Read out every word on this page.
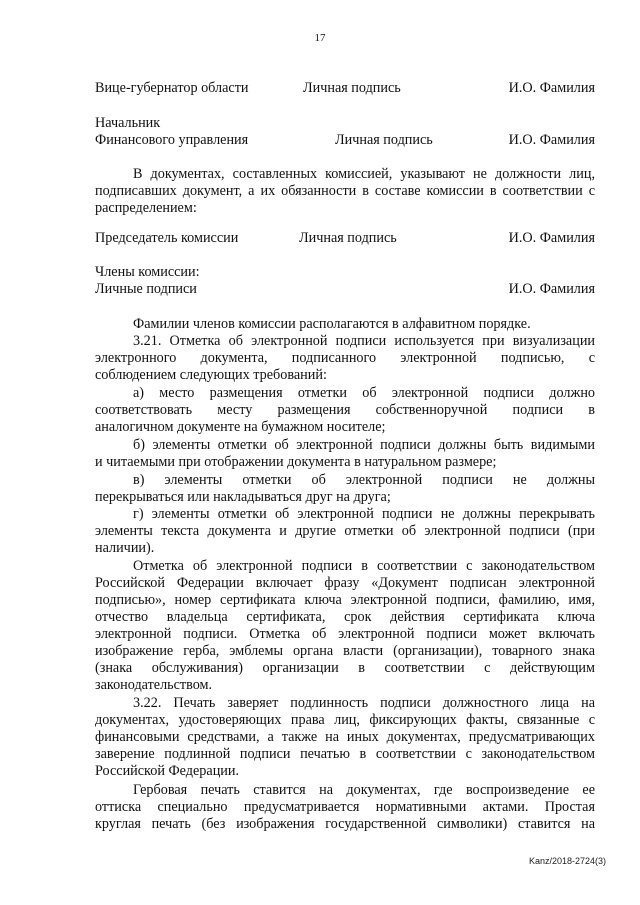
17
Вице-губернатор области	Личная подпись	И.О. Фамилия
Начальник
Финансового управления	Личная подпись	И.О. Фамилия
В документах, составленных комиссией, указывают не должности лиц, подписавших документ, а их обязанности в составе комиссии в соответствии с распределением:
Председатель комиссии	Личная подпись	И.О. Фамилия
Члены комиссии:
Личные подписи	И.О. Фамилия
Фамилии членов комиссии располагаются в алфавитном порядке.
3.21. Отметка об электронной подписи используется при визуализации
электронного документа, подписанного электронной подписью, с
соблюдением следующих требований:
а) место размещения отметки об электронной подписи должно
соответствовать месту размещения собственноручной подписи в
аналогичном документе на бумажном носителе;
б) элементы отметки об электронной подписи должны быть видимыми
и читаемыми при отображении документа в натуральном размере;
в) элементы отметки об электронной подписи не должны
перекрываться или накладываться друг на друга;
г) элементы отметки об электронной подписи не должны перекрывать
элементы текста документа и другие отметки об электронной подписи (при
наличии).
Отметка об электронной подписи в соответствии с законодательством
Российской Федерации включает фразу «Документ подписан электронной
подписью», номер сертификата ключа электронной подписи, фамилию, имя,
отчество владельца сертификата, срок действия сертификата ключа
электронной подписи. Отметка об электронной подписи может включать
изображение герба, эмблемы органа власти (организации), товарного знака
(знака обслуживания) организации в соответствии с действующим
законодательством.
3.22. Печать заверяет подлинность подписи должностного лица на
документах, удостоверяющих права лиц, фиксирующих факты, связанные с
финансовыми средствами, а также на иных документах, предусматривающих
заверение подлинной подписи печатью в соответствии с законодательством
Российской Федерации.
Гербовая печать ставится на документах, где воспроизведение ее
оттиска специально предусматривается нормативными актами. Простая
круглая печать (без изображения государственной символики) ставится на
Kanz/2018-2724(3)
